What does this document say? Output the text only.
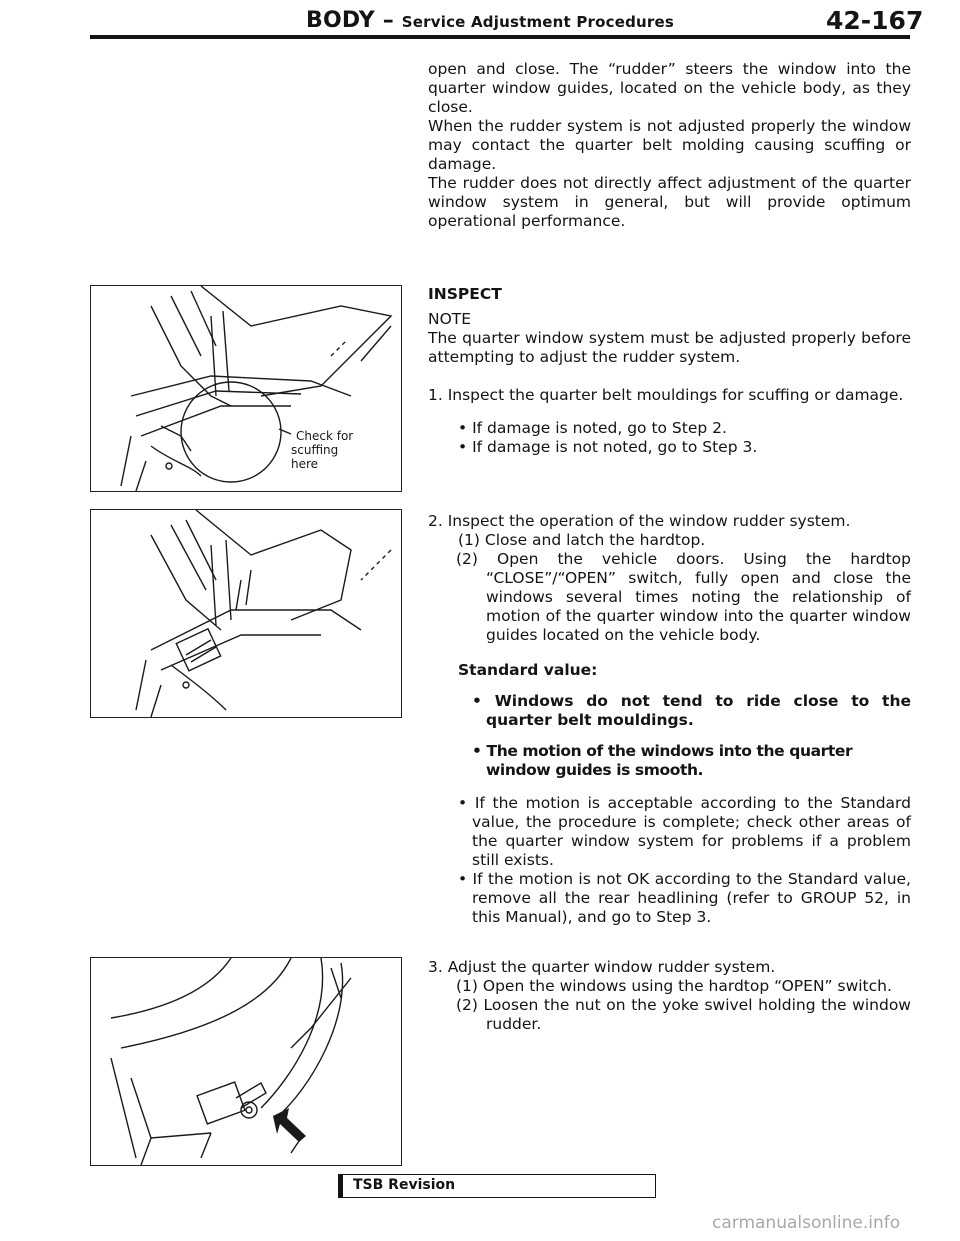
BODY – Service Adjustment Procedures	42-167

open and close. The “rudder” steers the window into the quarter window guides, located on the vehicle body, as they close.

When the rudder system is not adjusted properly the window may contact the quarter belt molding causing scuffing or damage.

The rudder does not directly affect adjustment of the quarter window system in general, but will provide optimum operational performance.

INSPECT

NOTE

The quarter window system must be adjusted properly before attempting to adjust the rudder system.

1. Inspect the quarter belt mouldings for scuffing or damage.

• If damage is noted, go to Step 2.

• If damage is not noted, go to Step 3.

2. Inspect the operation of the window rudder system.

(1) Close and latch the hardtop.

(2) Open the vehicle doors. Using the hardtop “CLOSE”/“OPEN” switch, fully open and close the windows several times noting the relationship of motion of the quarter window into the quarter window guides located on the vehicle body.

Standard value:

• Windows do not tend to ride close to the quarter belt mouldings.

• The motion of the windows into the quarter window guides is smooth.

• If the motion is acceptable according to the Standard value, the procedure is complete; check other areas of the quarter window system for problems if a problem still exists.

• If the motion is not OK according to the Standard value, remove all the rear headlining (refer to GROUP 52, in this Manual), and go to Step 3.

3. Adjust the quarter window rudder system.

(1) Open the windows using the hardtop “OPEN” switch.

(2) Loosen the nut on the yoke swivel holding the window rudder.

Check for
scuffing
here
TSB Revision
carmanualsonline.info
